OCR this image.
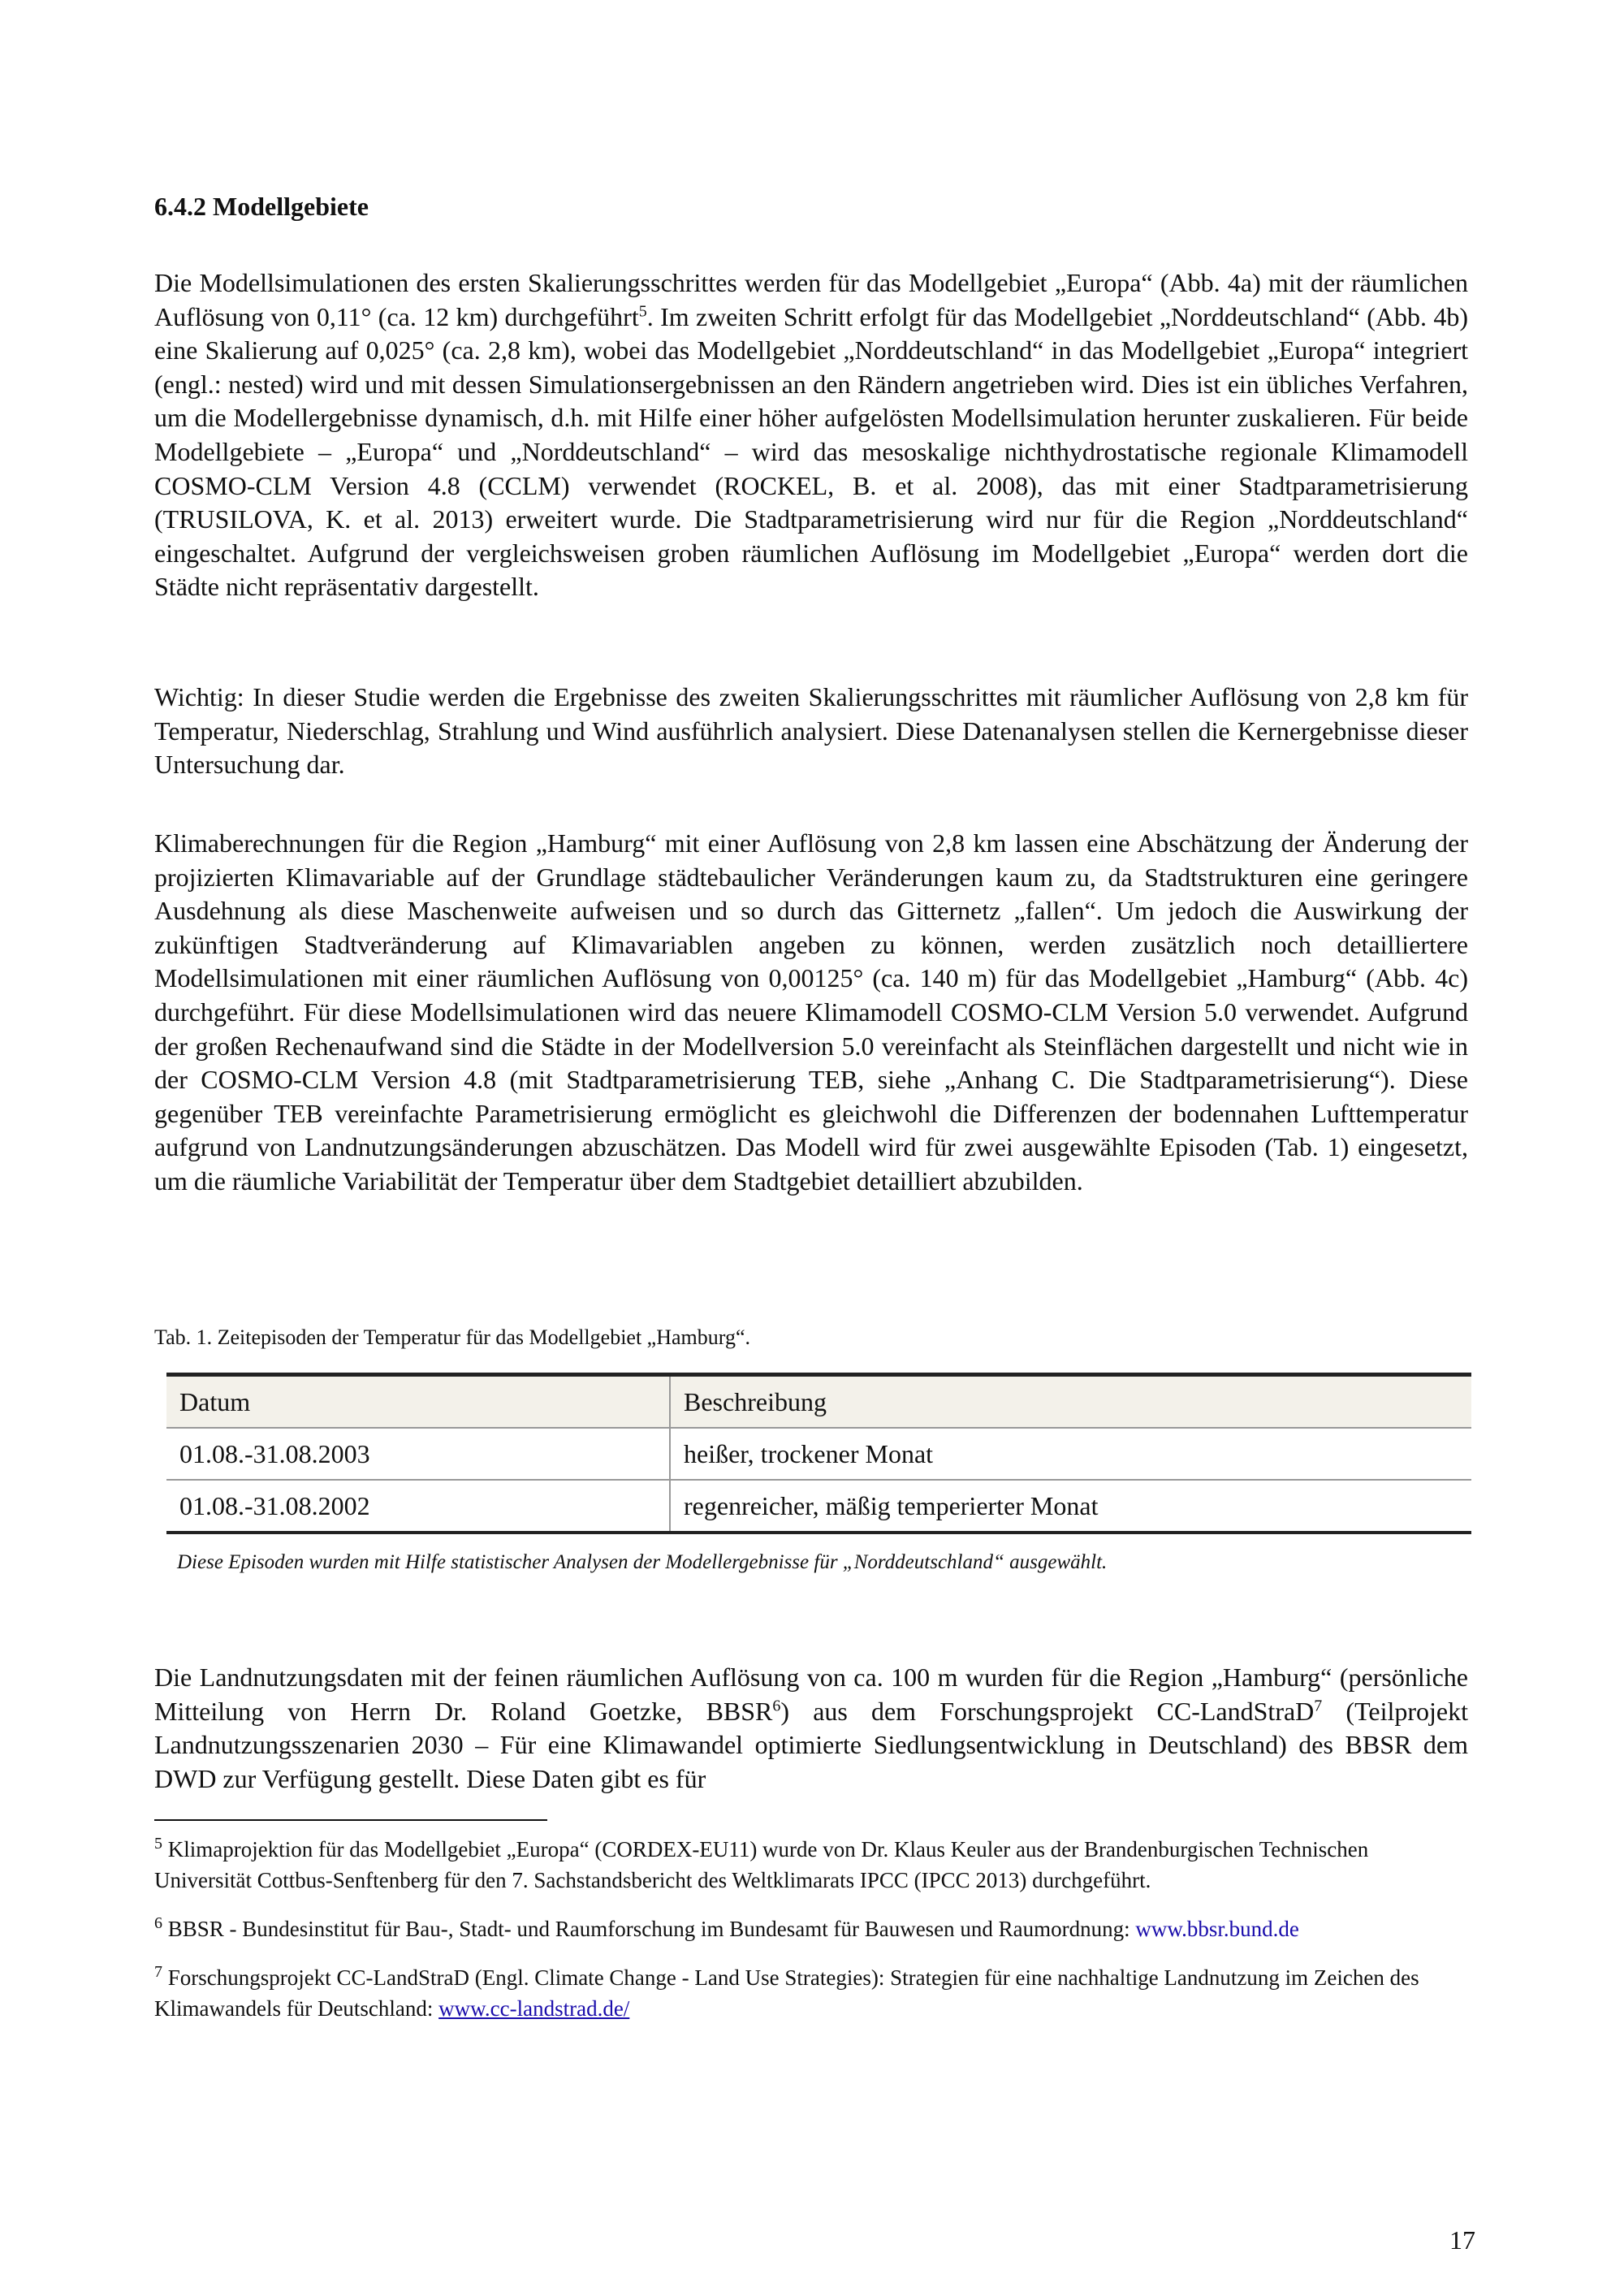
6.4.2 Modellgebiete

Die Modellsimulationen des ersten Skalierungsschrittes werden für das Modellgebiet „Europa“ (Abb. 4a) mit der räumlichen Auflösung von 0,11° (ca. 12 km) durchgeführt$^5$. Im zweiten Schritt erfolgt für das Modellgebiet „Norddeutschland“ (Abb. 4b) eine Skalierung auf 0,025° (ca. 2,8 km), wobei das Modellgebiet „Norddeutschland“ in das Modellgebiet „Europa“ integriert (engl.: nested) wird und mit dessen Simulationsergebnissen an den Rändern angetrieben wird. Dies ist ein übliches Verfahren, um die Modellergebnisse dynamisch, d.h. mit Hilfe einer höher aufgelösten Modellsimulation herunter zuskalieren. Für beide Modellgebiete – „Europa“ und „Norddeutschland“ – wird das mesoskalige nichthydrostatische regionale Klimamodell COSMO-CLM Version 4.8 (CCLM) verwendet (ROCKEL, B. et al. 2008), das mit einer Stadtparametrisierung (TRUSILOVA, K. et al. 2013) erweitert wurde. Die Stadtparametrisierung wird nur für die Region „Norddeutschland“ eingeschaltet. Aufgrund der vergleichsweisen groben räumlichen Auflösung im Modellgebiet „Europa“ werden dort die Städte nicht repräsentativ dargestellt.

Wichtig: In dieser Studie werden die Ergebnisse des zweiten Skalierungsschrittes mit räumlicher Auflösung von 2,8 km für Temperatur, Niederschlag, Strahlung und Wind ausführlich analysiert. Diese Datenanalysen stellen die Kernergebnisse dieser Untersuchung dar.

Klimaberechnungen für die Region „Hamburg“ mit einer Auflösung von 2,8 km lassen eine Abschätzung der Änderung der projizierten Klimavariable auf der Grundlage städtebaulicher Veränderungen kaum zu, da Stadtstrukturen eine geringere Ausdehnung als diese Maschenweite aufweisen und so durch das Gitternetz „fallen“. Um jedoch die Auswirkung der zukünftigen Stadtveränderung auf Klimavariablen angeben zu können, werden zusätzlich noch detailliertere Modellsimulationen mit einer räumlichen Auflösung von 0,00125° (ca. 140 m) für das Modellgebiet „Hamburg“ (Abb. 4c) durchgeführt. Für diese Modellsimulationen wird das neuere Klimamodell COSMO-CLM Version 5.0 verwendet. Aufgrund der großen Rechenaufwand sind die Städte in der Modellversion 5.0 vereinfacht als Steinflächen dargestellt und nicht wie in der COSMO-CLM Version 4.8 (mit Stadtparametrisierung TEB, siehe „Anhang C. Die Stadtparametrisierung“). Diese gegenüber TEB vereinfachte Parametrisierung ermöglicht es gleichwohl die Differenzen der bodennahen Lufttemperatur aufgrund von Landnutzungsänderungen abzuschätzen. Das Modell wird für zwei ausgewählte Episoden (Tab. 1) eingesetzt, um die räumliche Variabilität der Temperatur über dem Stadtgebiet detailliert abzubilden.

Tab. 1. Zeitepisoden der Temperatur für das Modellgebiet „Hamburg“.
Datum	Beschreibung
01.08.-31.08.2003	heißer, trockener Monat
01.08.-31.08.2002	regenreicher, mäßig temperierter Monat
Diese Episoden wurden mit Hilfe statistischer Analysen der Modellergebnisse für „Norddeutschland“ ausgewählt.

Die Landnutzungsdaten mit der feinen räumlichen Auflösung von ca. 100 m wurden für die Region „Hamburg“ (persönliche Mitteilung von Herrn Dr. Roland Goetzke, BBSR$^6$) aus dem Forschungsprojekt CC-LandStraD$^7$ (Teilprojekt Landnutzungsszenarien 2030 – Für eine Klimawandel optimierte Siedlungsentwicklung in Deutschland) des BBSR dem DWD zur Verfügung gestellt. Diese Daten gibt es für

$^5$ Klimaprojektion für das Modellgebiet „Europa“ (CORDEX-EU11) wurde von Dr. Klaus Keuler aus der Brandenburgischen Technischen Universität Cottbus-Senftenberg für den 7. Sachstandsbericht des Weltklimarats IPCC (IPCC 2013) durchgeführt.

$^6$ BBSR - Bundesinstitut für Bau-, Stadt- und Raumforschung im Bundesamt für Bauwesen und Raumordnung: www.bbsr.bund.de

$^7$ Forschungsprojekt CC-LandStraD (Engl. Climate Change - Land Use Strategies): Strategien für eine nachhaltige Landnutzung im Zeichen des Klimawandels für Deutschland: www.cc-landstrad.de/

17
